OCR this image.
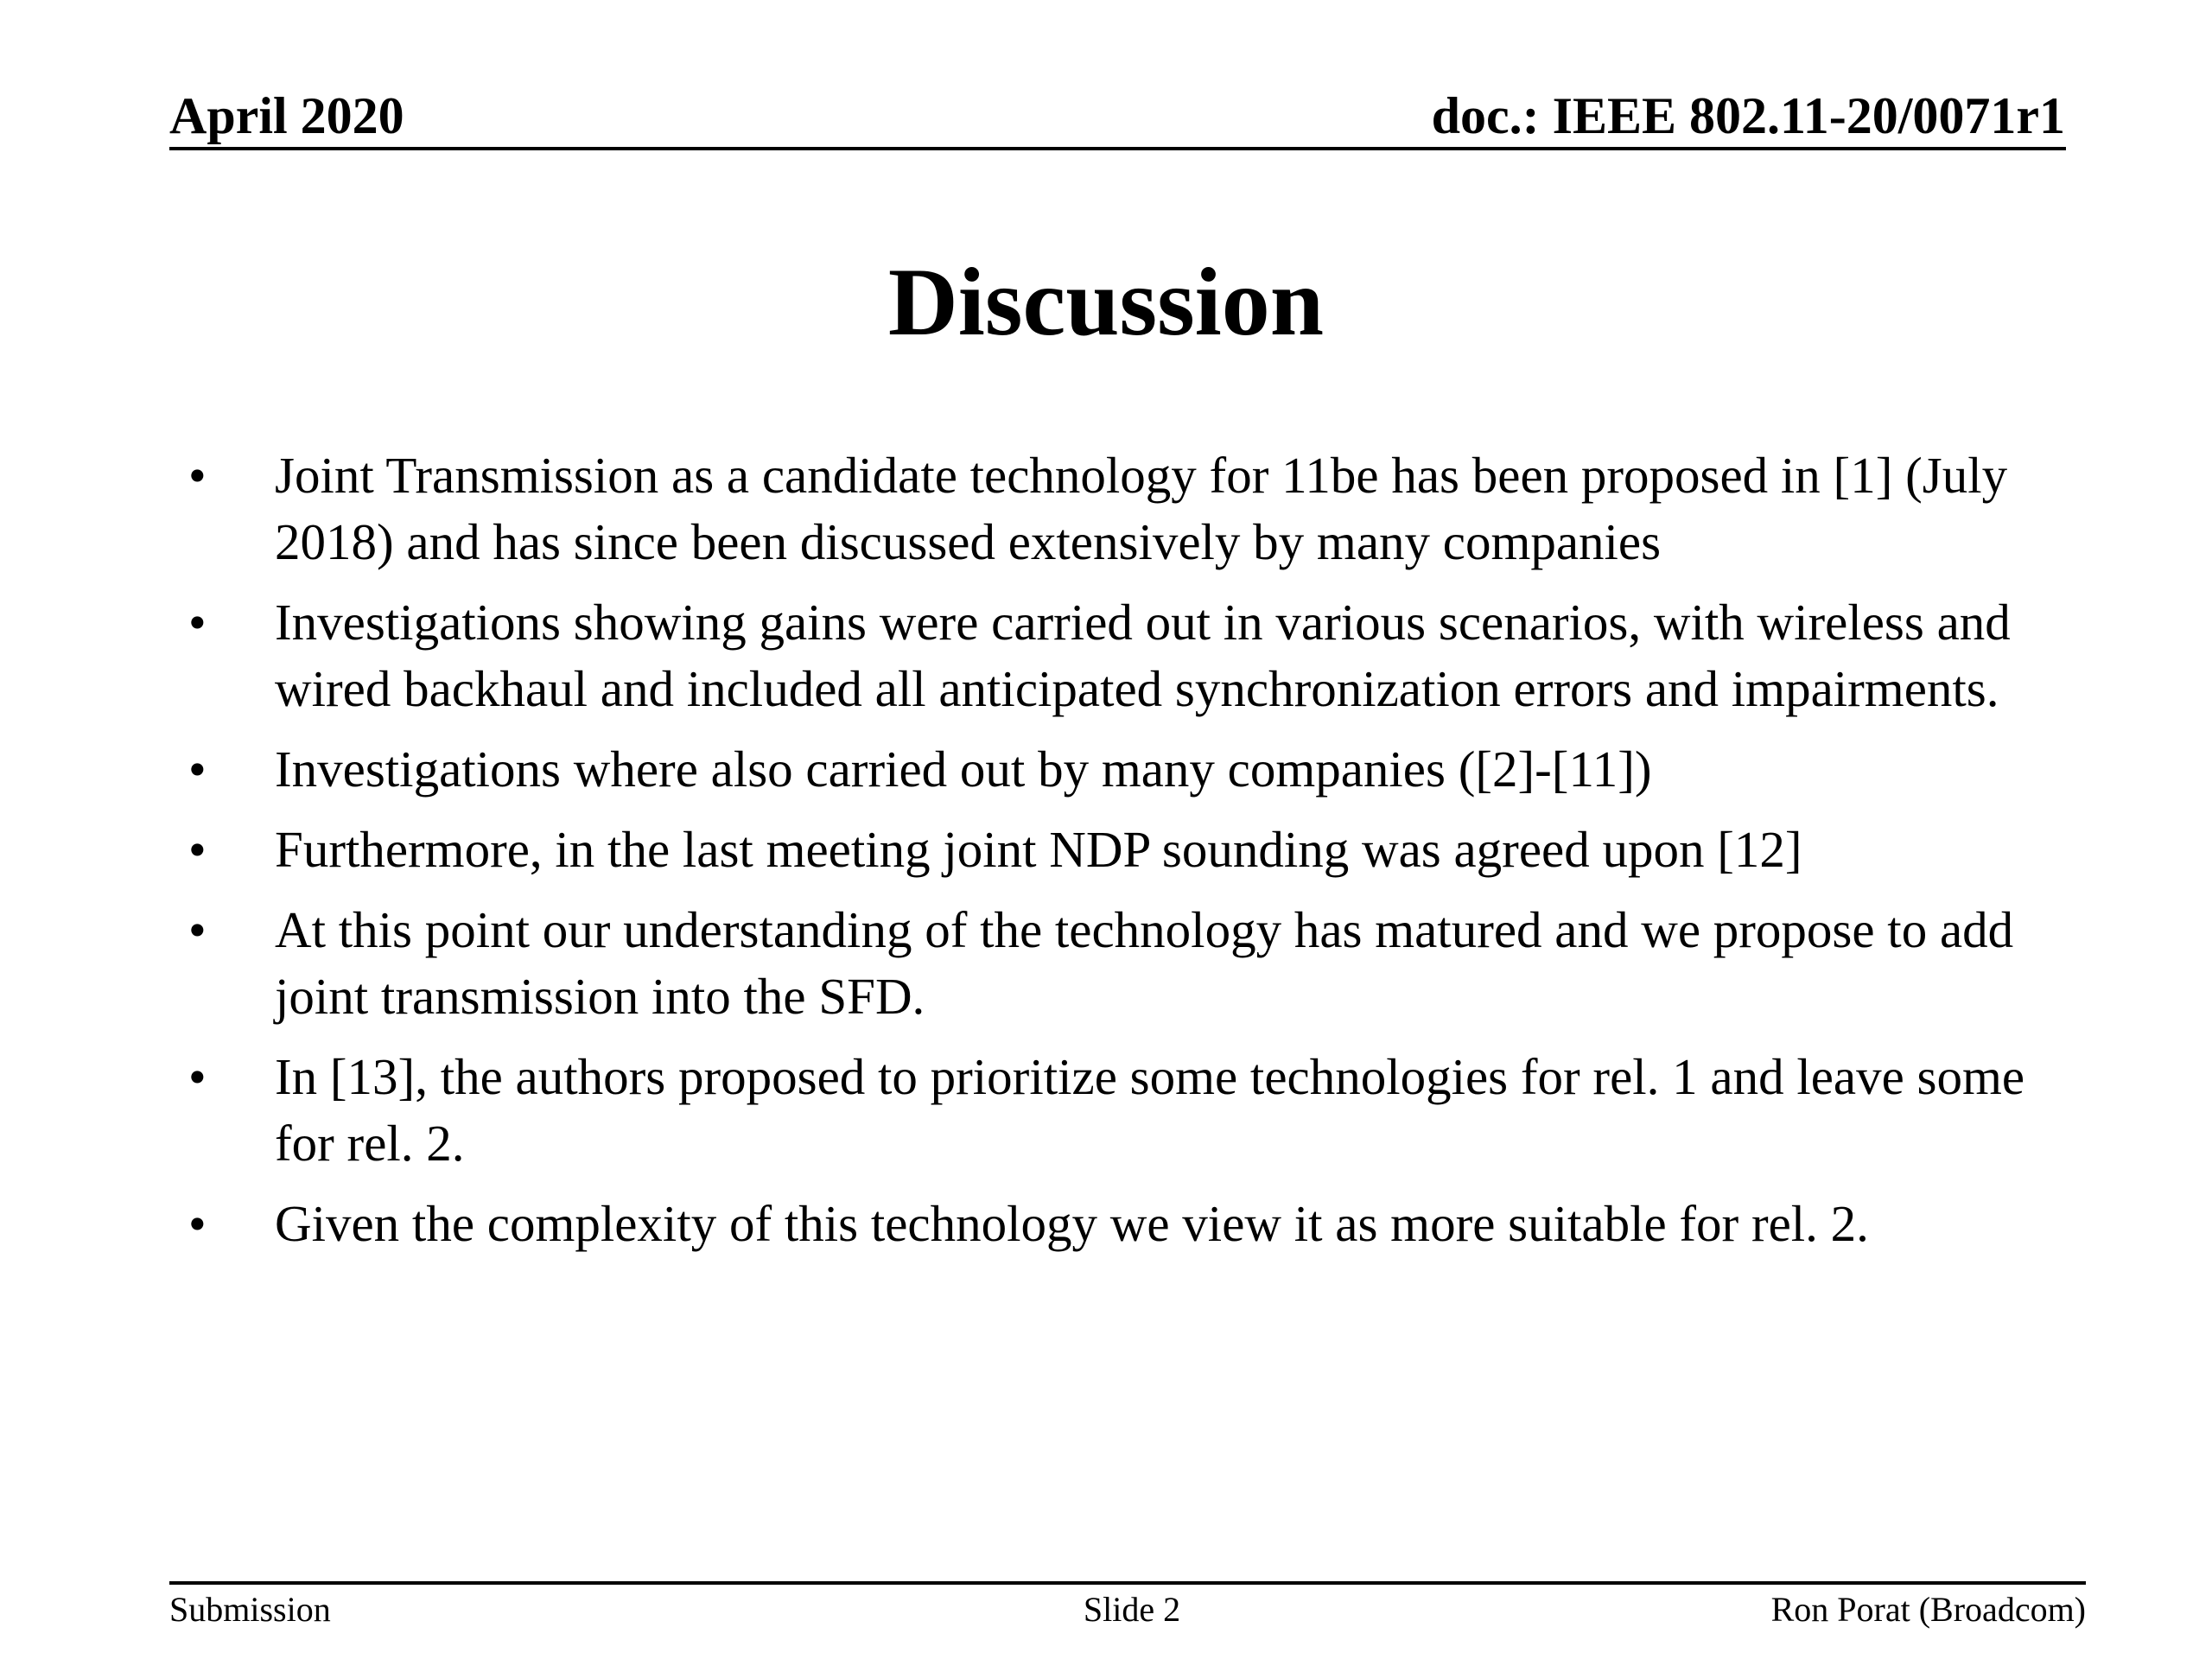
April 2020	doc.: IEEE 802.11-20/0071r1
Discussion
• Joint Transmission as a candidate technology for 11be has been proposed in [1] (July 2018) and has since been discussed extensively by many companies
• Investigations showing gains were carried out in various scenarios, with wireless and wired backhaul and included all anticipated synchronization errors and impairments.
• Investigations where also carried out by many companies ([2]-[11])
• Furthermore, in the last meeting joint NDP sounding was agreed upon [12]
• At this point our understanding of the technology has matured and we propose to add joint transmission into the SFD.
• In [13], the authors proposed to prioritize some technologies for rel. 1 and leave some for rel. 2.
• Given the complexity of this technology we view it as more suitable for rel. 2.
Submission	Slide 2	Ron Porat (Broadcom)
